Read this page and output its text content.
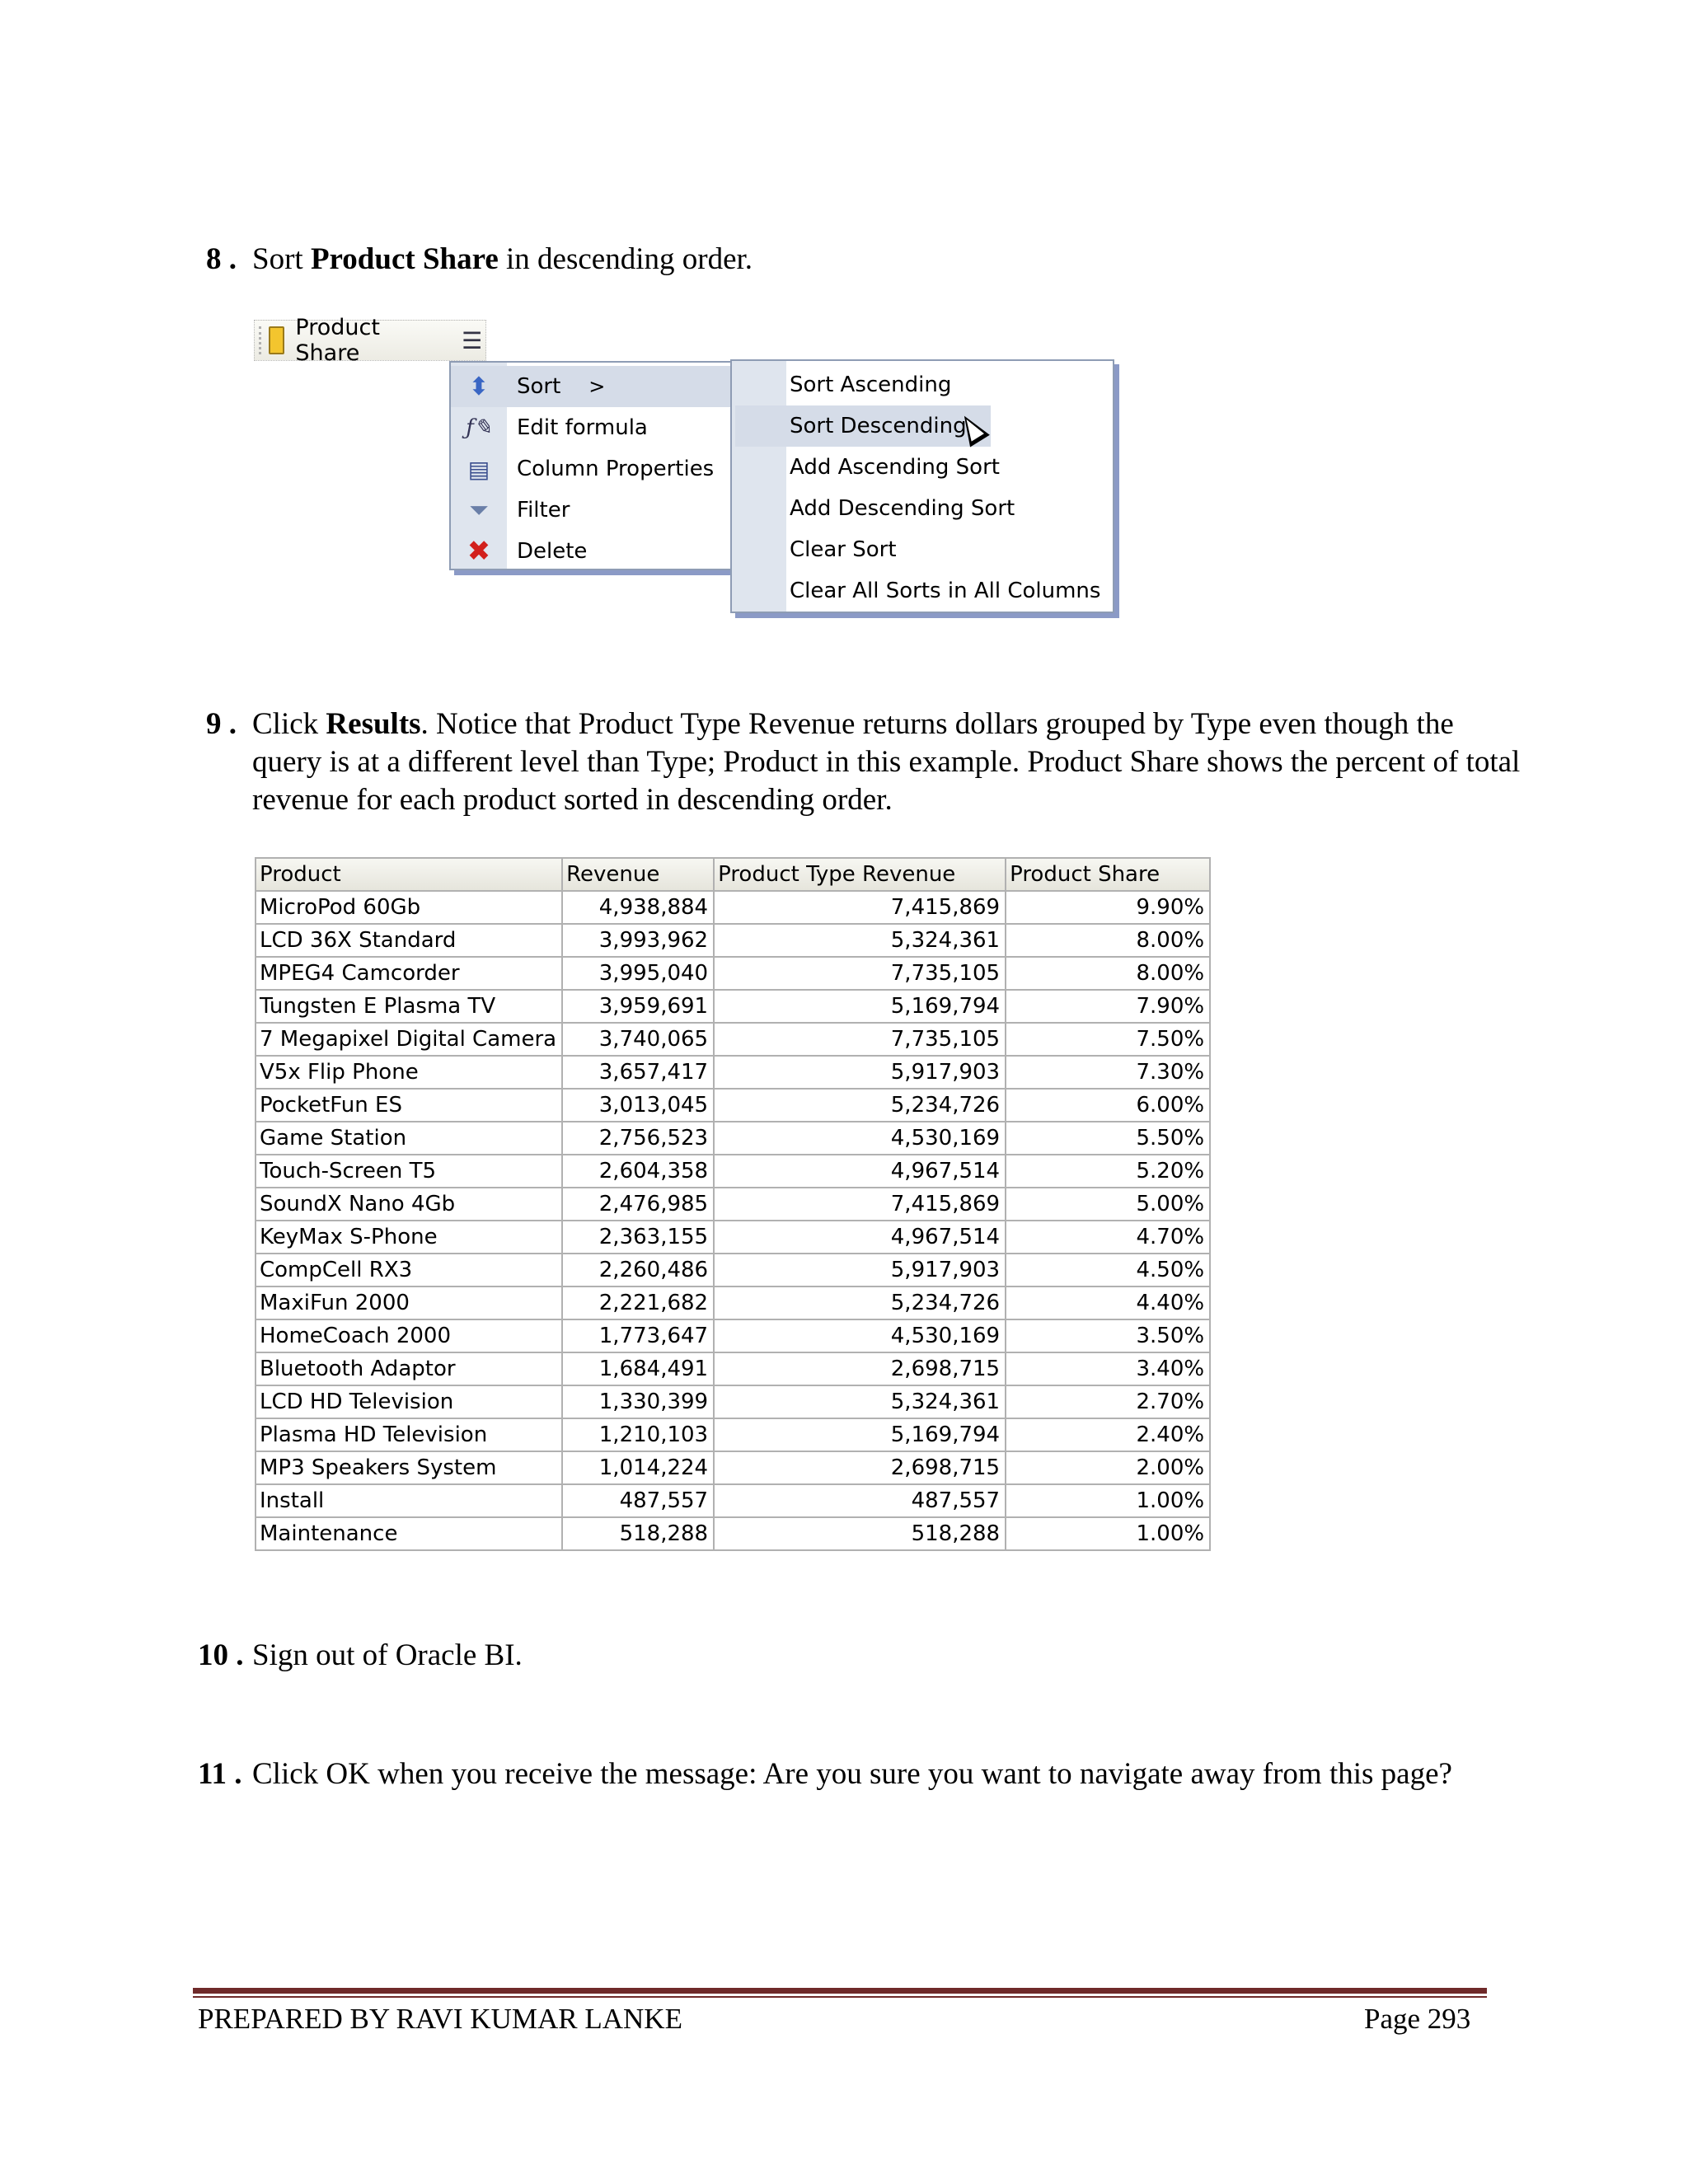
8 . Sort Product Share in descending order.
Product Share	☰
⬍	Sort >
ƒ✎	Edit formula
▤	Column Properties
⏷	Filter
✖	Delete
Sort Ascending
Sort Descending
Add Ascending Sort
Add Descending Sort
Clear Sort
Clear All Sorts in All Columns
9 . Click Results. Notice that Product Type Revenue returns dollars grouped by Type even though the query is at a different level than Type; Product in this example. Product Share shows the percent of total revenue for each product sorted in descending order.
Product	Revenue	Product Type Revenue	Product Share
MicroPod 60Gb	4,938,884	7,415,869	9.90%
LCD 36X Standard	3,993,962	5,324,361	8.00%
MPEG4 Camcorder	3,995,040	7,735,105	8.00%
Tungsten E Plasma TV	3,959,691	5,169,794	7.90%
7 Megapixel Digital Camera	3,740,065	7,735,105	7.50%
V5x Flip Phone	3,657,417	5,917,903	7.30%
PocketFun ES	3,013,045	5,234,726	6.00%
Game Station	2,756,523	4,530,169	5.50%
Touch-Screen T5	2,604,358	4,967,514	5.20%
SoundX Nano 4Gb	2,476,985	7,415,869	5.00%
KeyMax S-Phone	2,363,155	4,967,514	4.70%
CompCell RX3	2,260,486	5,917,903	4.50%
MaxiFun 2000	2,221,682	5,234,726	4.40%
HomeCoach 2000	1,773,647	4,530,169	3.50%
Bluetooth Adaptor	1,684,491	2,698,715	3.40%
LCD HD Television	1,330,399	5,324,361	2.70%
Plasma HD Television	1,210,103	5,169,794	2.40%
MP3 Speakers System	1,014,224	2,698,715	2.00%
Install	487,557	487,557	1.00%
Maintenance	518,288	518,288	1.00%
10 . Sign out of Oracle BI.
11 . Click OK when you receive the message: Are you sure you want to navigate away from this page?
PREPARED BY RAVI KUMAR LANKE	Page 293
